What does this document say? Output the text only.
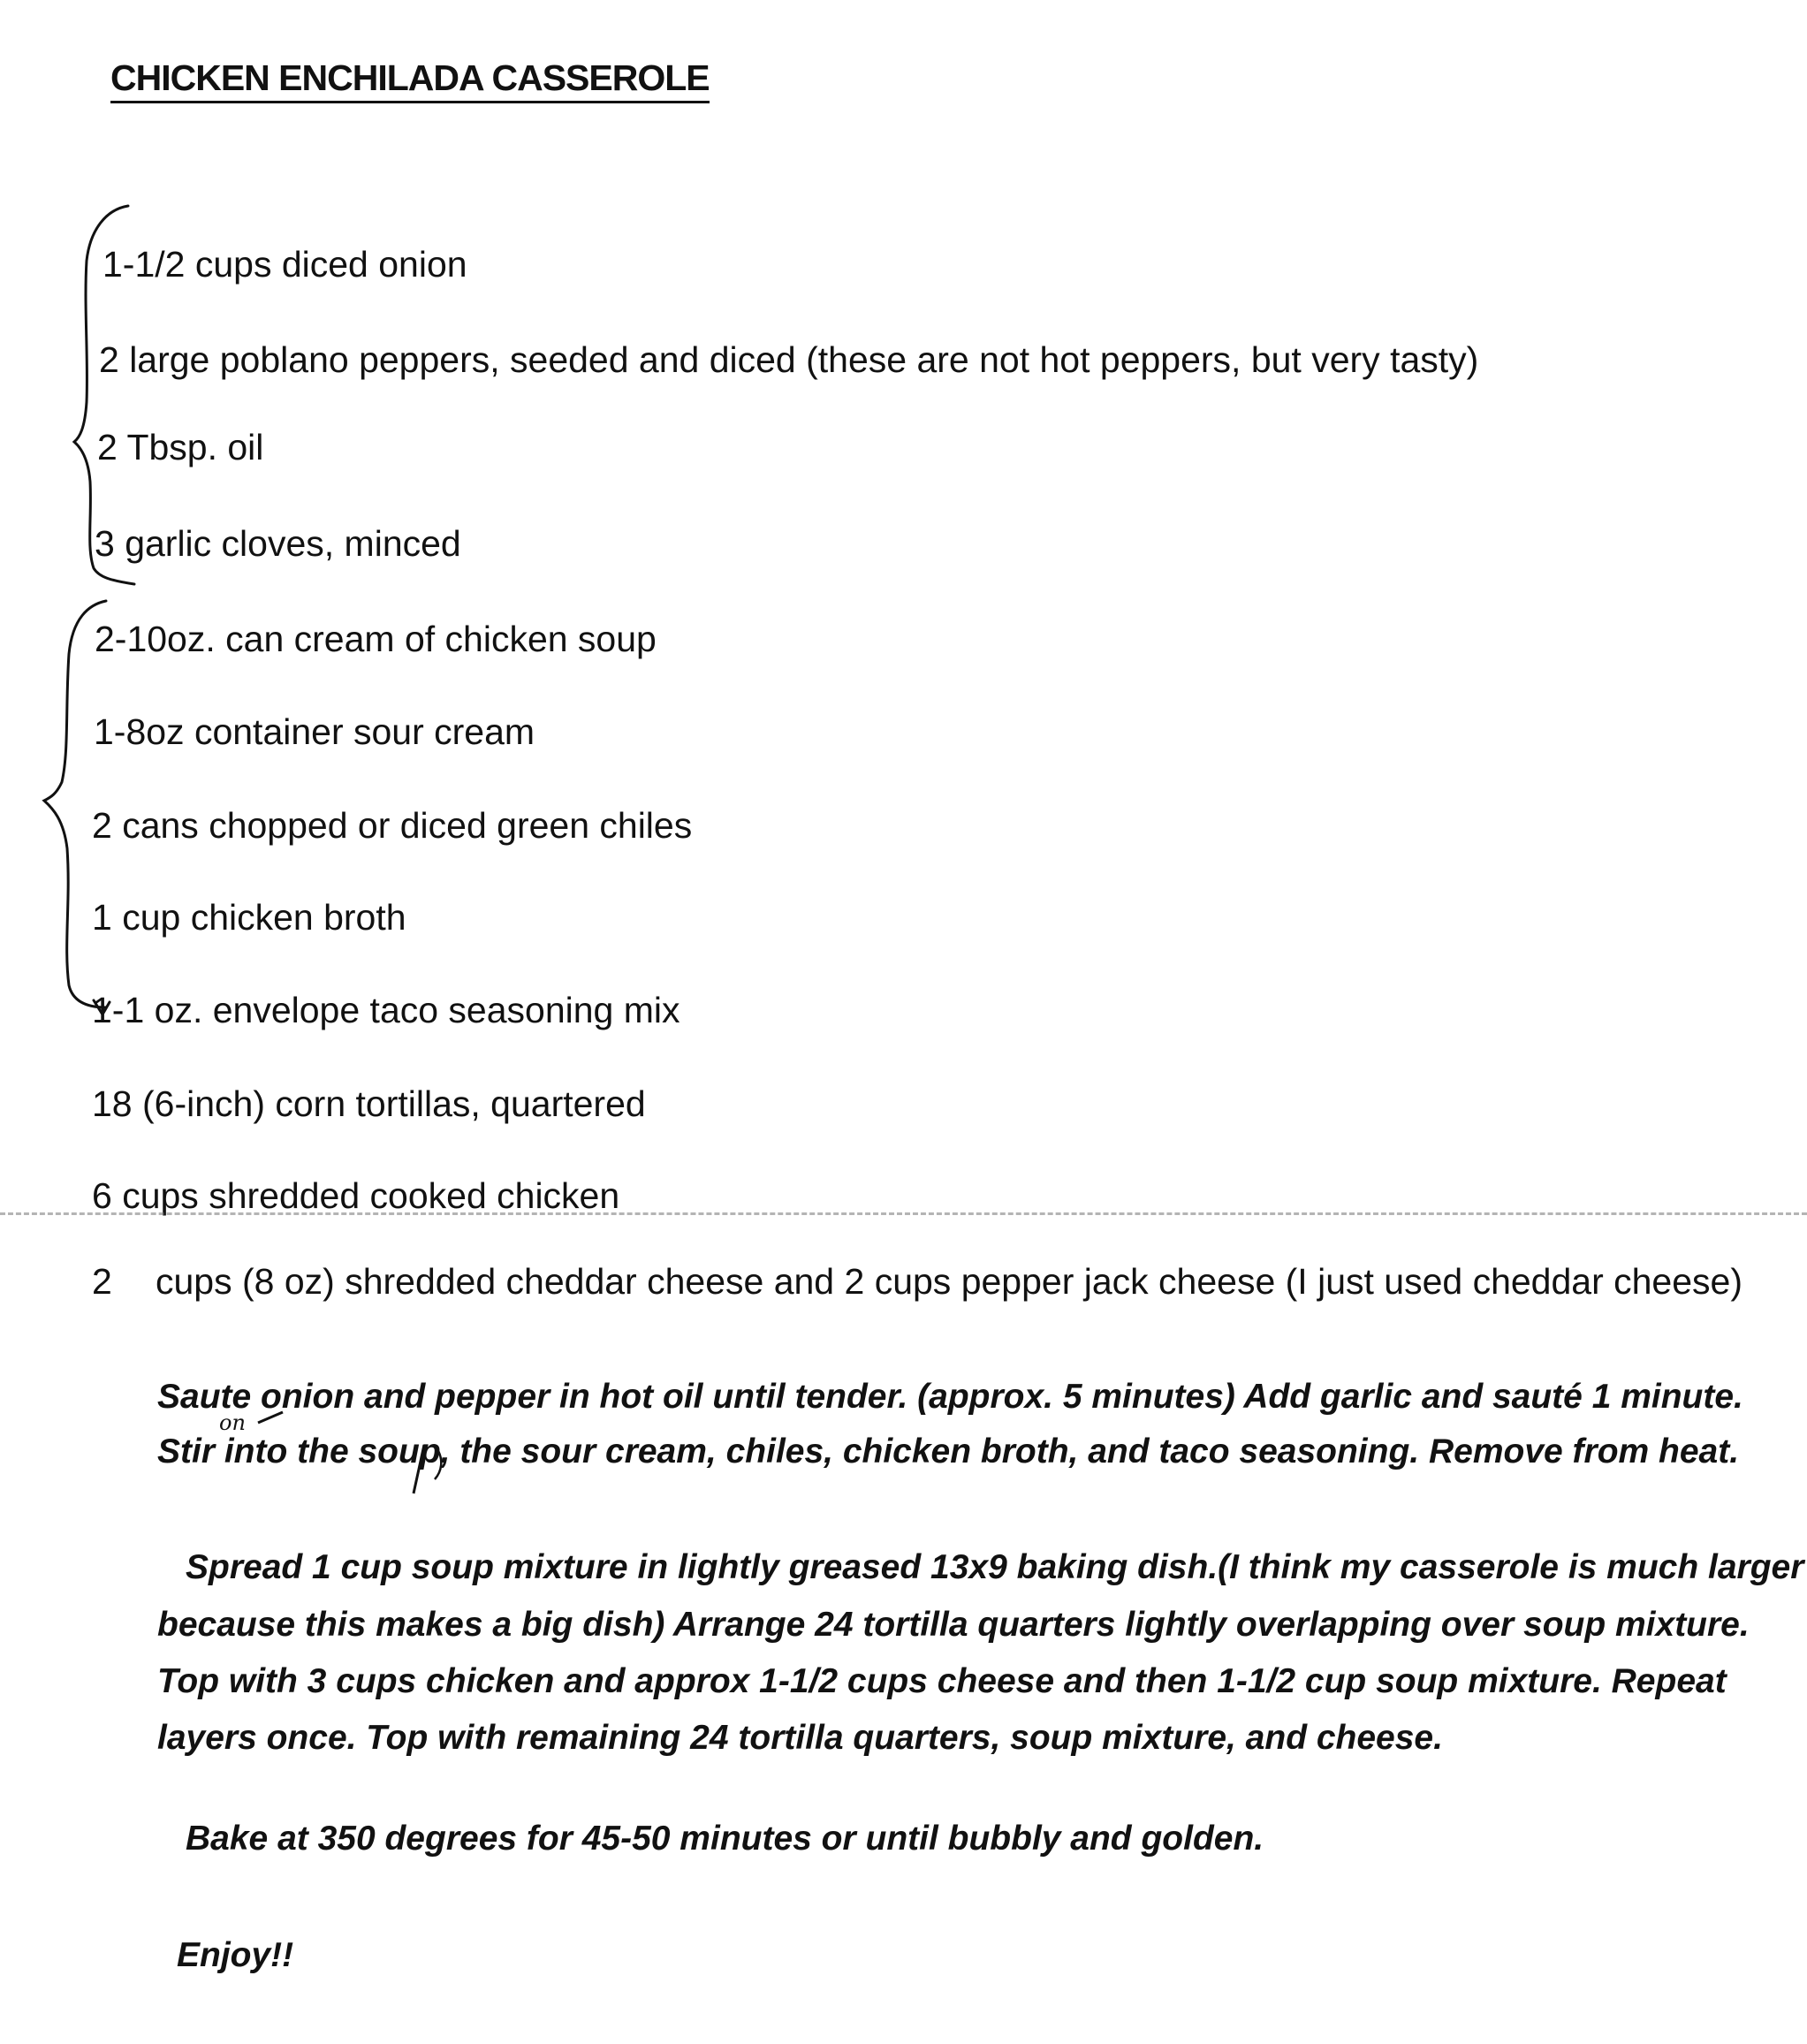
CHICKEN ENCHILADA CASSEROLE
1-1/2 cups diced onion
2 large poblano peppers, seeded and diced (these are not hot peppers, but very tasty)
2 Tbsp. oil
3 garlic cloves, minced
2-10oz. can cream of chicken soup
1-8oz container sour cream
2 cans chopped or diced green chiles
1 cup chicken broth
1-1 oz. envelope taco seasoning mix
18 (6-inch) corn tortillas, quartered
6 cups shredded cooked chicken
2 cups (8 oz) shredded cheddar cheese and 2 cups pepper jack cheese (I just used cheddar cheese)
Saute onion and pepper in hot oil until tender. (approx. 5 minutes) Add garlic and sauté 1 minute.
Stir into the soup, the sour cream, chiles, chicken broth, and taco seasoning. Remove from heat.
on
Spread 1 cup soup mixture in lightly greased 13x9 baking dish.(I think my casserole is much larger
because this makes a big dish) Arrange 24 tortilla quarters lightly overlapping over soup mixture.
Top with 3 cups chicken and approx 1-1/2 cups cheese and then 1-1/2 cup soup mixture. Repeat
layers once. Top with remaining 24 tortilla quarters, soup mixture, and cheese.
Bake at 350 degrees for 45-50 minutes or until bubbly and golden.
Enjoy!!
